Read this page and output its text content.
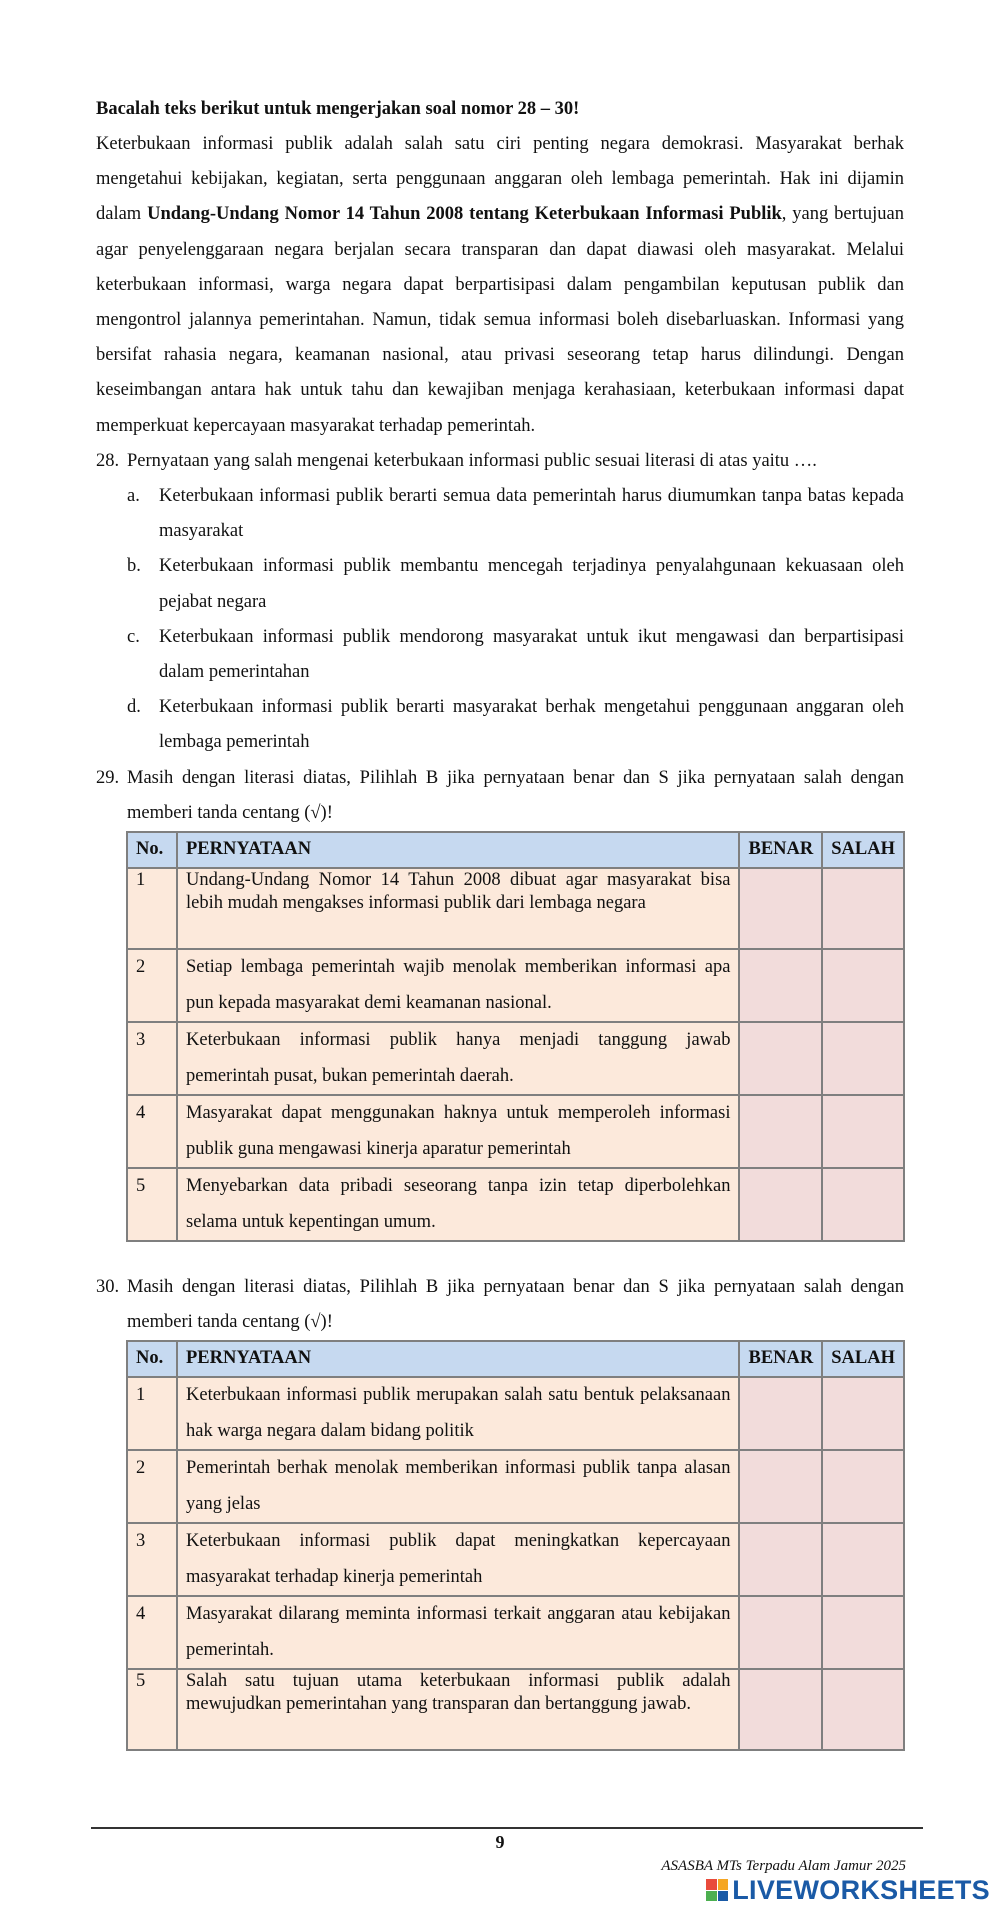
Bacalah teks berikut untuk mengerjakan soal nomor 28 – 30!
Keterbukaan informasi publik adalah salah satu ciri penting negara demokrasi. Masyarakat berhak mengetahui kebijakan, kegiatan, serta penggunaan anggaran oleh lembaga pemerintah. Hak ini dijamin dalam Undang-Undang Nomor 14 Tahun 2008 tentang Keterbukaan Informasi Publik, yang bertujuan agar penyelenggaraan negara berjalan secara transparan dan dapat diawasi oleh masyarakat. Melalui keterbukaan informasi, warga negara dapat berpartisipasi dalam pengambilan keputusan publik dan mengontrol jalannya pemerintahan. Namun, tidak semua informasi boleh disebarluaskan. Informasi yang bersifat rahasia negara, keamanan nasional, atau privasi seseorang tetap harus dilindungi. Dengan keseimbangan antara hak untuk tahu dan kewajiban menjaga kerahasiaan, keterbukaan informasi dapat memperkuat kepercayaan masyarakat terhadap pemerintah.
28. Pernyataan yang salah mengenai keterbukaan informasi public sesuai literasi di atas yaitu ….
a. Keterbukaan informasi publik berarti semua data pemerintah harus diumumkan tanpa batas kepada masyarakat
b. Keterbukaan informasi publik membantu mencegah terjadinya penyalahgunaan kekuasaan oleh pejabat negara
c. Keterbukaan informasi publik mendorong masyarakat untuk ikut mengawasi dan berpartisipasi dalam pemerintahan
d. Keterbukaan informasi publik berarti masyarakat berhak mengetahui penggunaan anggaran oleh lembaga pemerintah
29. Masih dengan literasi diatas, Pilihlah B jika pernyataan benar dan S jika pernyataan salah dengan memberi tanda centang (√)!
No.	PERNYATAAN	BENAR	SALAH
1	Undang-Undang Nomor 14 Tahun 2008 dibuat agar masyarakat bisa lebih mudah mengakses informasi publik dari lembaga negara		
2	Setiap lembaga pemerintah wajib menolak memberikan informasi apa pun kepada masyarakat demi keamanan nasional.		
3	Keterbukaan informasi publik hanya menjadi tanggung jawab pemerintah pusat, bukan pemerintah daerah.		
4	Masyarakat dapat menggunakan haknya untuk memperoleh informasi publik guna mengawasi kinerja aparatur pemerintah		
5	Menyebarkan data pribadi seseorang tanpa izin tetap diperbolehkan selama untuk kepentingan umum.		
30. Masih dengan literasi diatas, Pilihlah B jika pernyataan benar dan S jika pernyataan salah dengan memberi tanda centang (√)!
No.	PERNYATAAN	BENAR	SALAH
1	Keterbukaan informasi publik merupakan salah satu bentuk pelaksanaan hak warga negara dalam bidang politik		
2	Pemerintah berhak menolak memberikan informasi publik tanpa alasan yang jelas		
3	Keterbukaan informasi publik dapat meningkatkan kepercayaan masyarakat terhadap kinerja pemerintah		
4	Masyarakat dilarang meminta informasi terkait anggaran atau kebijakan pemerintah.		
5	Salah satu tujuan utama keterbukaan informasi publik adalah mewujudkan pemerintahan yang transparan dan bertanggung jawab.		
9
ASASBA MTs Terpadu Alam Jamur 2025
LIVEWORKSHEETS
